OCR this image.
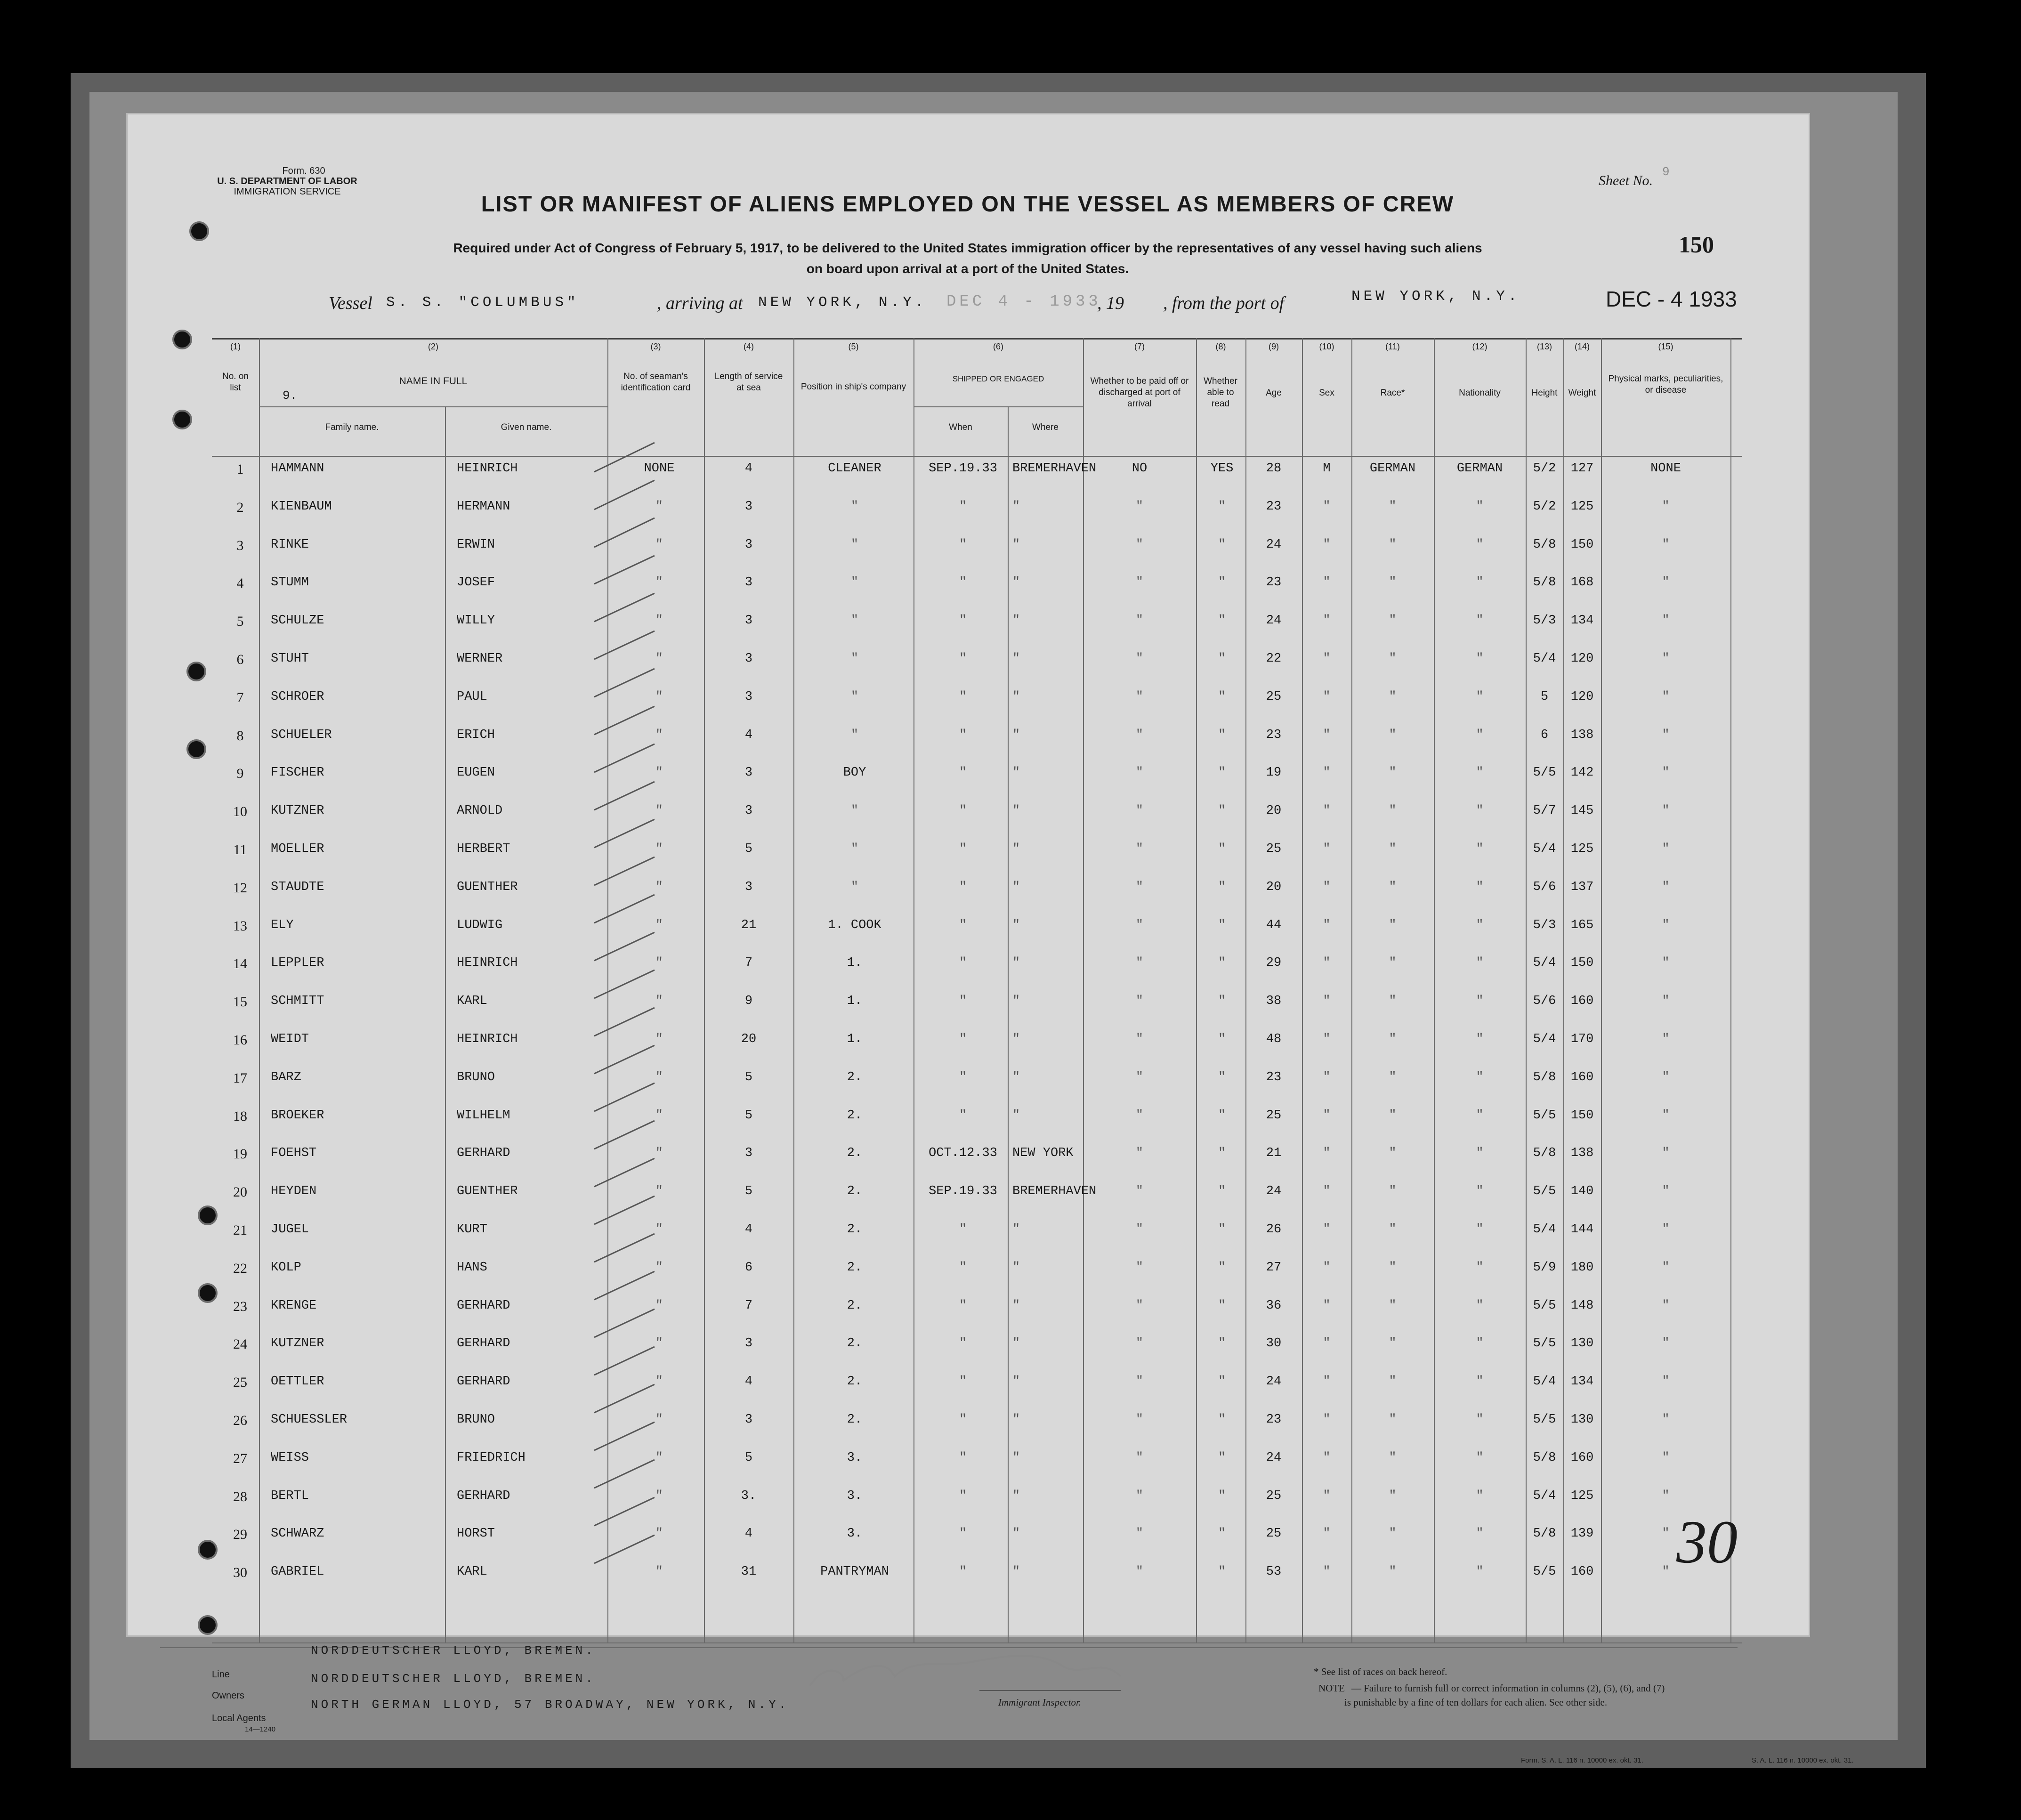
Form. 630
U. S. DEPARTMENT OF LABOR
IMMIGRATION SERVICE
Sheet No.
9
LIST OR MANIFEST OF ALIENS EMPLOYED ON THE VESSEL AS MEMBERS OF CREW
Required under Act of Congress of February 5, 1917, to be delivered to the United States immigration officer by the representatives of any vessel having such aliens
on board upon arrival at a port of the United States.
150
Vessel S. S. "COLUMBUS"	, arriving at NEW YORK, N.Y. DEC 4 - 1933
, 19 , from the port of	NEW YORK, N.Y.	DEC - 4 1933
(1)	(2)	(3)	(4)	(5)	(6)	(7)	(8)	(9)	(10)	(11)	(12)	(13)	(14)	(15)
No. on list
NAME IN FULL
9.
Family name.	Given name.
No. of seaman's identification card
Length of service at sea	Position in ship's company
SHIPPED OR ENGAGED
When	Where
Whether to be paid off or discharged at port of arrival
Whether able to read
Age	Sex	Race*	Nationality	Height	Weight
Physical marks, peculiarities, or disease
1	HAMMANN	HEINRICH	NONE	4	CLEANER	SEP.19.33	BREMERHAVEN	NO	YES	28	M	GERMAN	GERMAN	5/2	127	NONE
2	KIENBAUM	HERMANN	"	3	"	"	"	"	"	23	"	"	"	5/2	125	"
3	RINKE	ERWIN	"	3	"	"	"	"	"	24	"	"	"	5/8	150	"
4	STUMM	JOSEF	"	3	"	"	"	"	"	23	"	"	"	5/8	168	"
5	SCHULZE	WILLY	"	3	"	"	"	"	"	24	"	"	"	5/3	134	"
6	STUHT	WERNER	"	3	"	"	"	"	"	22	"	"	"	5/4	120	"
7	SCHROER	PAUL	"	3	"	"	"	"	"	25	"	"	"	5	120	"
8	SCHUELER	ERICH	"	4	"	"	"	"	"	23	"	"	"	6	138	"
9	FISCHER	EUGEN	"	3	BOY	"	"	"	"	19	"	"	"	5/5	142	"
10	KUTZNER	ARNOLD	"	3	"	"	"	"	"	20	"	"	"	5/7	145	"
11	MOELLER	HERBERT	"	5	"	"	"	"	"	25	"	"	"	5/4	125	"
12	STAUDTE	GUENTHER	"	3	"	"	"	"	"	20	"	"	"	5/6	137	"
13	ELY	LUDWIG	"	21	1. COOK	"	"	"	"	44	"	"	"	5/3	165	"
14	LEPPLER	HEINRICH	"	7	1.	"	"	"	"	29	"	"	"	5/4	150	"
15	SCHMITT	KARL	"	9	1.	"	"	"	"	38	"	"	"	5/6	160	"
16	WEIDT	HEINRICH	"	20	1.	"	"	"	"	48	"	"	"	5/4	170	"
17	BARZ	BRUNO	"	5	2.	"	"	"	"	23	"	"	"	5/8	160	"
18	BROEKER	WILHELM	"	5	2.	"	"	"	"	25	"	"	"	5/5	150	"
19	FOEHST	GERHARD	"	3	2.	OCT.12.33	NEW YORK	"	"	21	"	"	"	5/8	138	"
20	HEYDEN	GUENTHER	"	5	2.	SEP.19.33	BREMERHAVEN	"	"	24	"	"	"	5/5	140	"
21	JUGEL	KURT	"	4	2.	"	"	"	"	26	"	"	"	5/4	144	"
22	KOLP	HANS	"	6	2.	"	"	"	"	27	"	"	"	5/9	180	"
23	KRENGE	GERHARD	"	7	2.	"	"	"	"	36	"	"	"	5/5	148	"
24	KUTZNER	GERHARD	"	3	2.	"	"	"	"	30	"	"	"	5/5	130	"
25	OETTLER	GERHARD	"	4	2.	"	"	"	"	24	"	"	"	5/4	134	"
26	SCHUESSLER	BRUNO	"	3	2.	"	"	"	"	23	"	"	"	5/5	130	"
27	WEISS	FRIEDRICH	"	5	3.	"	"	"	"	24	"	"	"	5/8	160	"
28	BERTL	GERHARD	"	3.	3.	"	"	"	"	25	"	"	"	5/4	125	"
29	SCHWARZ	HORST	"	4	3.	"	"	"	"	25	"	"	"	5/8	139	"
30	GABRIEL	KARL	"	31	PANTRYMAN	"	"	"	"	53	"	"	"	5/5	160	" 30
Line
NORDDEUTSCHER LLOYD, BREMEN.
Owners
NORDDEUTSCHER LLOYD, BREMEN.
Local Agents
NORTH GERMAN LLOYD, 57 BROADWAY, NEW YORK, N.Y.
14—1240
Immigrant Inspector.
* See list of races on back hereof.
NOTE — Failure to furnish full or correct information in columns (2), (5), (6), and (7)
is punishable by a fine of ten dollars for each alien. See other side.
Form. S. A. L. 116 n. 10000 ex. okt. 31.	S. A. L. 116 n. 10000 ex. okt. 31.
